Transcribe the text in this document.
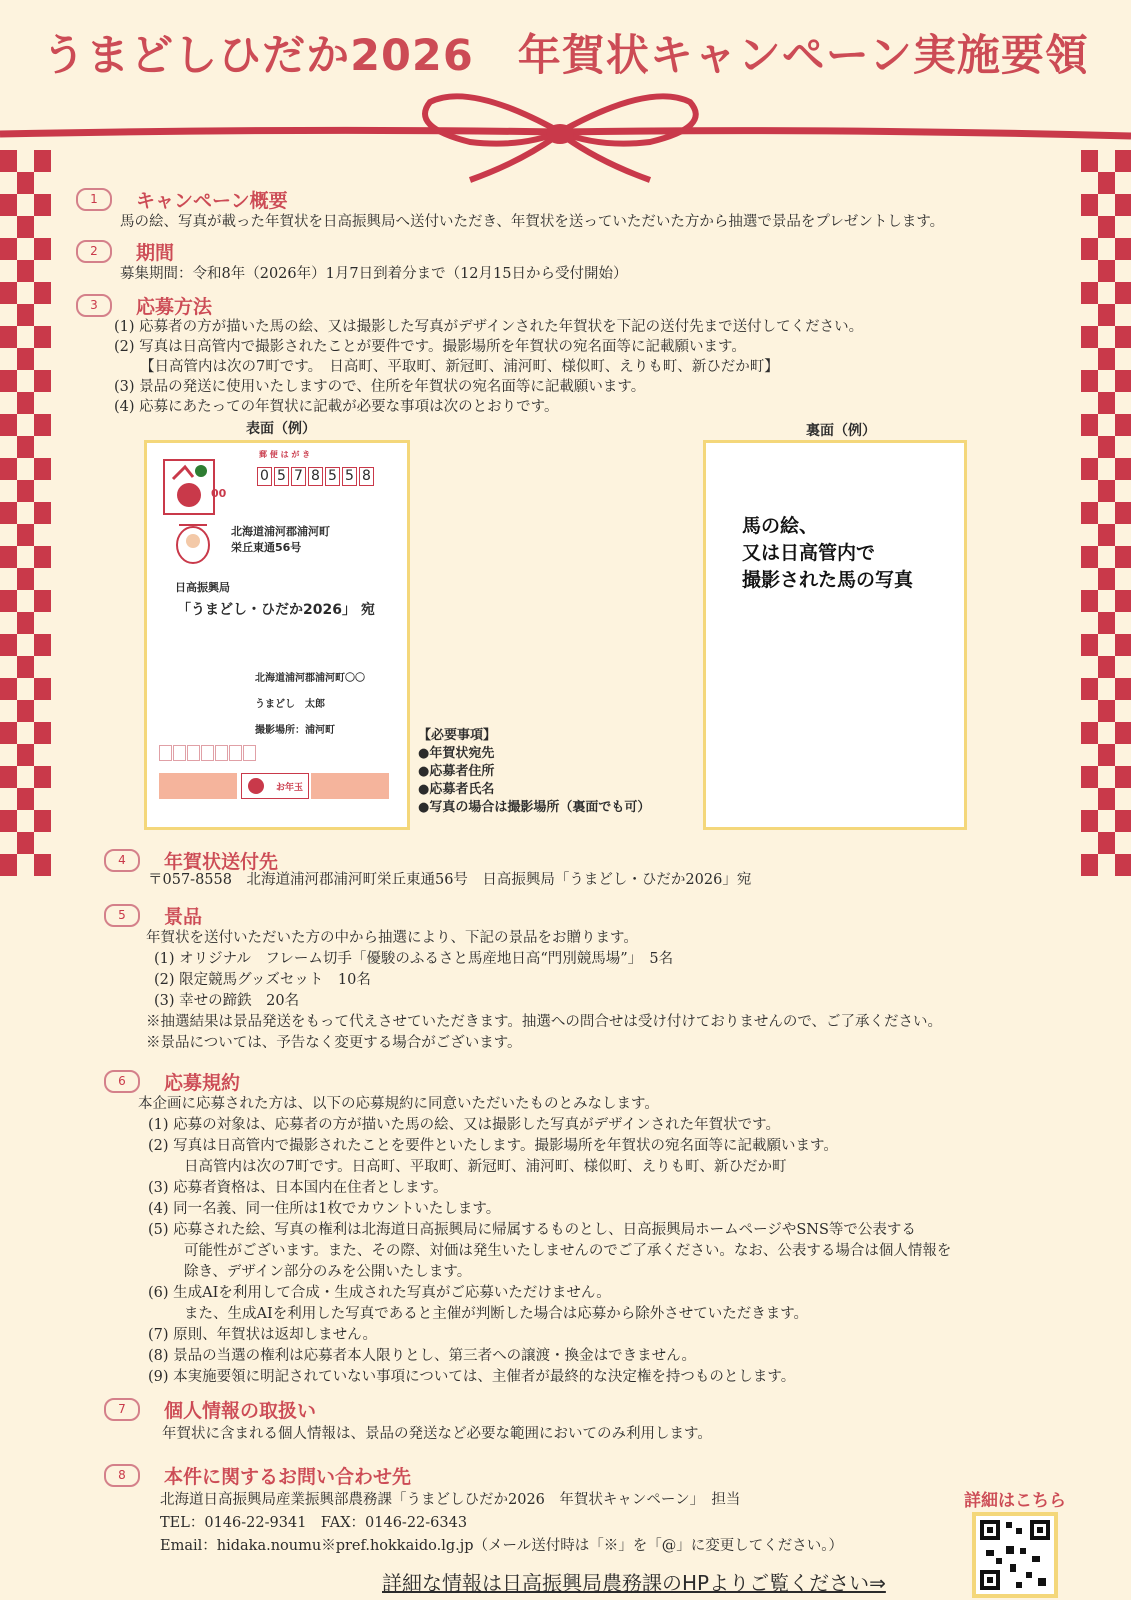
うまどしひだか2026　年賀状キャンペーン実施要領
1	キャンペーン概要
馬の絵、写真が載った年賀状を日高振興局へ送付いただき、年賀状を送っていただいた方から抽選で景品をプレゼントします。
2	期間
募集期間：令和8年（2026年）1月7日到着分まで（12月15日から受付開始）
3	応募方法
(1) 応募者の方が描いた馬の絵、又は撮影した写真がデザインされた年賀状を下記の送付先まで送付してください。
(2) 写真は日高管内で撮影されたことが要件です。撮影場所を年賀状の宛名面等に記載願います。
【日高管内は次の7町です。　日高町、平取町、新冠町、浦河町、様似町、えりも町、新ひだか町】
(3) 景品の発送に使用いたしますので、住所を年賀状の宛名面等に記載願います。
(4) 応募にあたっての年賀状に記載が必要な事項は次のとおりです。
表面（例）
00
郵 便 は が き
0 5 7 8 5 5 8
北海道浦河郡浦河町
栄丘東通56号
日高振興局
「うまどし・ひだか2026」 宛
北海道浦河郡浦河町〇〇
うまどし　太郎
撮影場所：浦河町
お年玉
【必要事項】
●年賀状宛先
●応募者住所
●応募者氏名
●写真の場合は撮影場所（裏面でも可）
裏面（例）
馬の絵、
又は日高管内で
撮影された馬の写真
4	年賀状送付先
〒057-8558　北海道浦河郡浦河町栄丘東通56号　日高振興局「うまどし・ひだか2026」宛
5	景品
年賀状を送付いただいた方の中から抽選により、下記の景品をお贈ります。
(1) オリジナル　フレーム切手「優駿のふるさと馬産地日高“門別競馬場”」　5名
(2) 限定競馬グッズセット　10名
(3) 幸せの蹄鉄　20名
※抽選結果は景品発送をもって代えさせていただきます。抽選への問合せは受け付けておりませんので、ご了承ください。
※景品については、予告なく変更する場合がございます。
6	応募規約
本企画に応募された方は、以下の応募規約に同意いただいたものとみなします。
(1) 応募の対象は、応募者の方が描いた馬の絵、又は撮影した写真がデザインされた年賀状です。
(2) 写真は日高管内で撮影されたことを要件といたします。撮影場所を年賀状の宛名面等に記載願います。
日高管内は次の7町です。日高町、平取町、新冠町、浦河町、様似町、えりも町、新ひだか町
(3) 応募者資格は、日本国内在住者とします。
(4) 同一名義、同一住所は1枚でカウントいたします。
(5) 応募された絵、写真の権利は北海道日高振興局に帰属するものとし、日高振興局ホームページやSNS等で公表する
可能性がございます。また、その際、対価は発生いたしませんのでご了承ください。なお、公表する場合は個人情報を
除き、デザイン部分のみを公開いたします。
(6) 生成AIを利用して合成・生成された写真がご応募いただけません。
また、生成AIを利用した写真であると主催が判断した場合は応募から除外させていただきます。
(7) 原則、年賀状は返却しません。
(8) 景品の当選の権利は応募者本人限りとし、第三者への譲渡・換金はできません。
(9) 本実施要領に明記されていない事項については、主催者が最終的な決定権を持つものとします。
7	個人情報の取扱い
年賀状に含まれる個人情報は、景品の発送など必要な範囲においてのみ利用します。
8	本件に関するお問い合わせ先
北海道日高振興局産業振興部農務課「うまどしひだか2026　年賀状キャンペーン」　担当
TEL：0146-22-9341　FAX：0146-22-6343
Email：hidaka.noumu※pref.hokkaido.lg.jp（メール送付時は「※」を「@」に変更してください。）
詳細はこちら
詳細な情報は日高振興局農務課のHPよりご覧ください⇒
